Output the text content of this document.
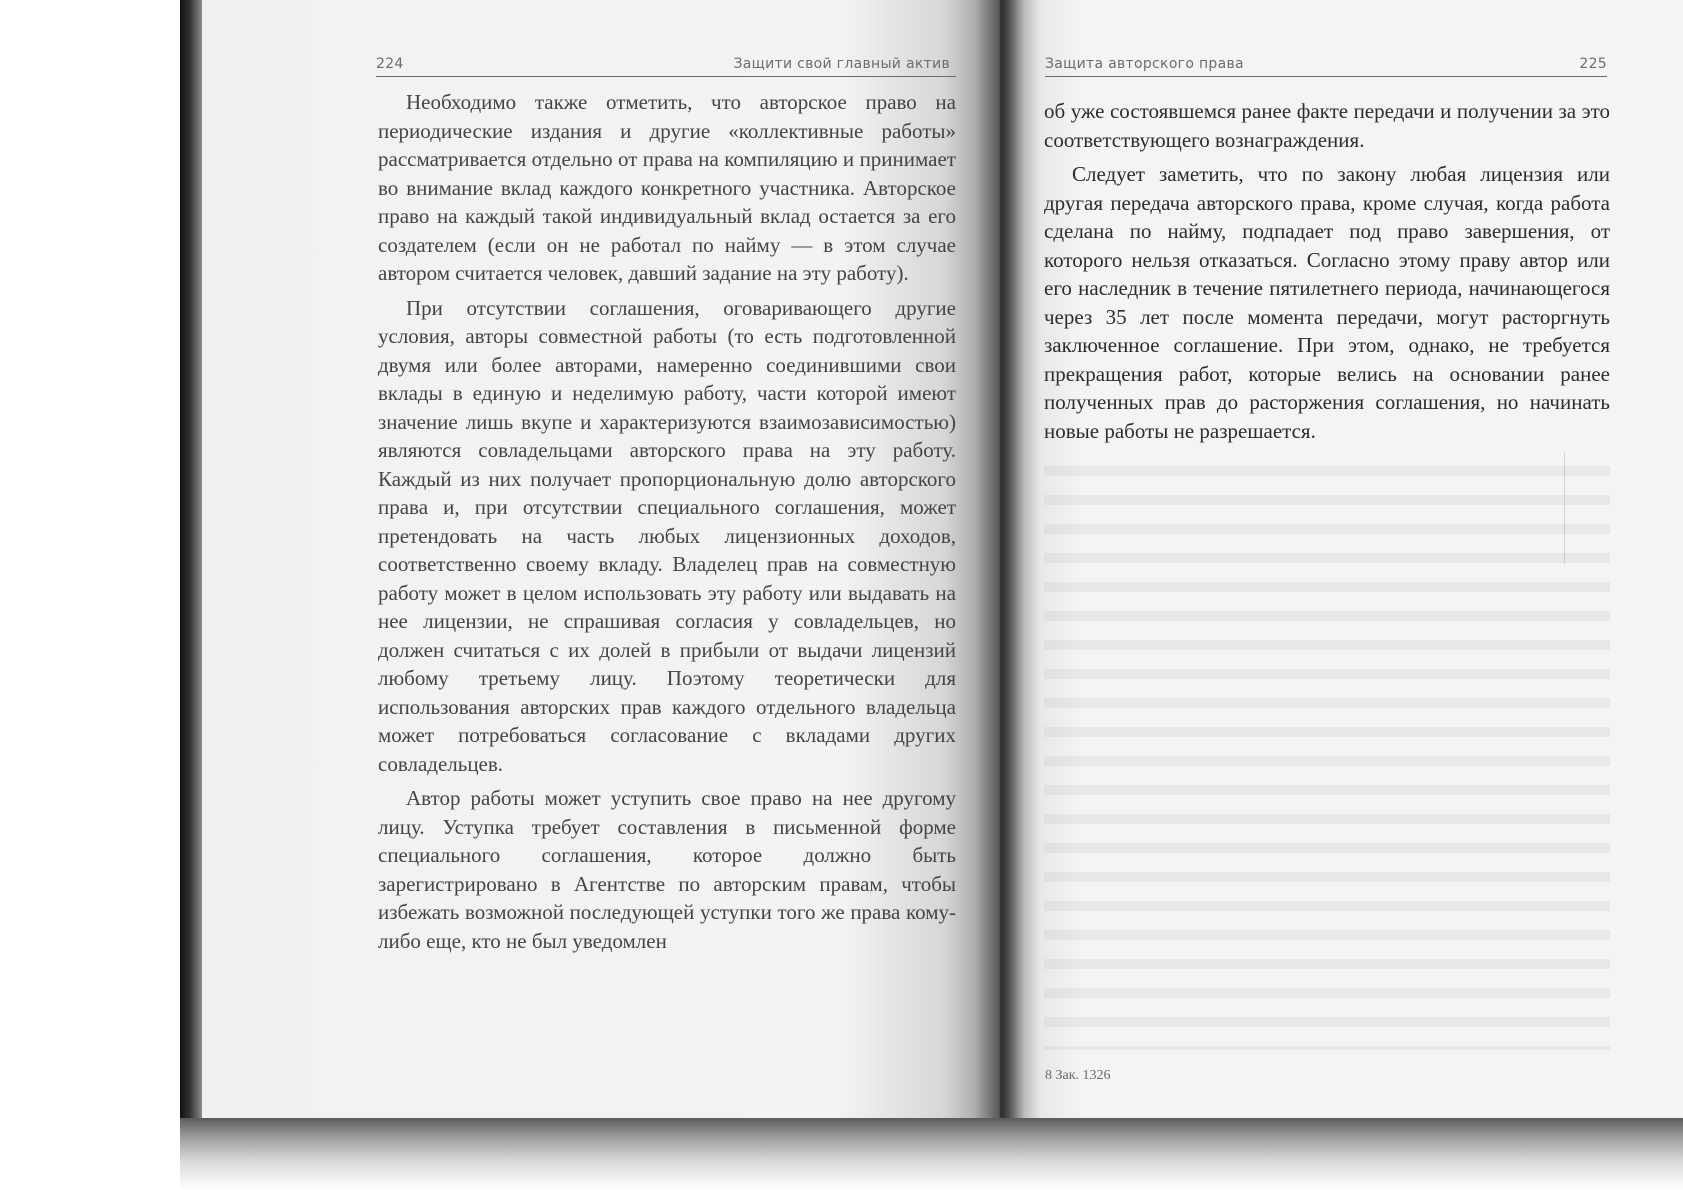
224	Защити свой главный актив

Необходимо также отметить, что авторское право на периодические издания и другие «коллективные работы» рассматривается отдельно от права на компиляцию и принимает во внимание вклад каждого конкретного участника. Авторское право на каждый такой индивидуальный вклад остается за его создателем (если он не работал по найму — в этом случае автором считается человек, давший задание на эту работу).

При отсутствии соглашения, оговаривающего другие условия, авторы совместной работы (то есть подготовленной двумя или более авторами, намеренно соединившими свои вклады в единую и неделимую работу, части которой имеют значение лишь вкупе и характеризуются взаимозависимостью) являются совладельцами авторского права на эту работу. Каждый из них получает пропорциональную долю авторского права и, при отсутствии специального соглашения, может претендовать на часть любых лицензионных доходов, соответственно своему вкладу. Владелец прав на совместную работу может в целом использовать эту работу или выдавать на нее лицензии, не спрашивая согласия у совладельцев, но должен считаться с их долей в прибыли от выдачи лицензий любому третьему лицу. Поэтому теоретически для использования авторских прав каждого отдельного владельца может потребоваться согласование с вкладами других совладельцев.

Автор работы может уступить свое право на нее другому лицу. Уступка требует составления в письменной форме специального соглашения, которое должно быть зарегистрировано в Агентстве по авторским правам, чтобы избежать возможной последующей уступки того же права кому-либо еще, кто не был уведомлен

Защита авторского права	225

об уже состоявшемся ранее факте передачи и получении за это соответствующего вознаграждения.

Следует заметить, что по закону любая лицензия или другая передача авторского права, кроме случая, когда работа сделана по найму, подпадает под право завершения, от которого нельзя отказаться. Согласно этому праву автор или его наследник в течение пятилетнего периода, начинающегося через 35 лет после момента передачи, могут расторгнуть заключенное соглашение. При этом, однако, не требуется прекращения работ, которые велись на основании ранее полученных прав до расторжения соглашения, но начинать новые работы не разрешается.

8 Зак. 1326
